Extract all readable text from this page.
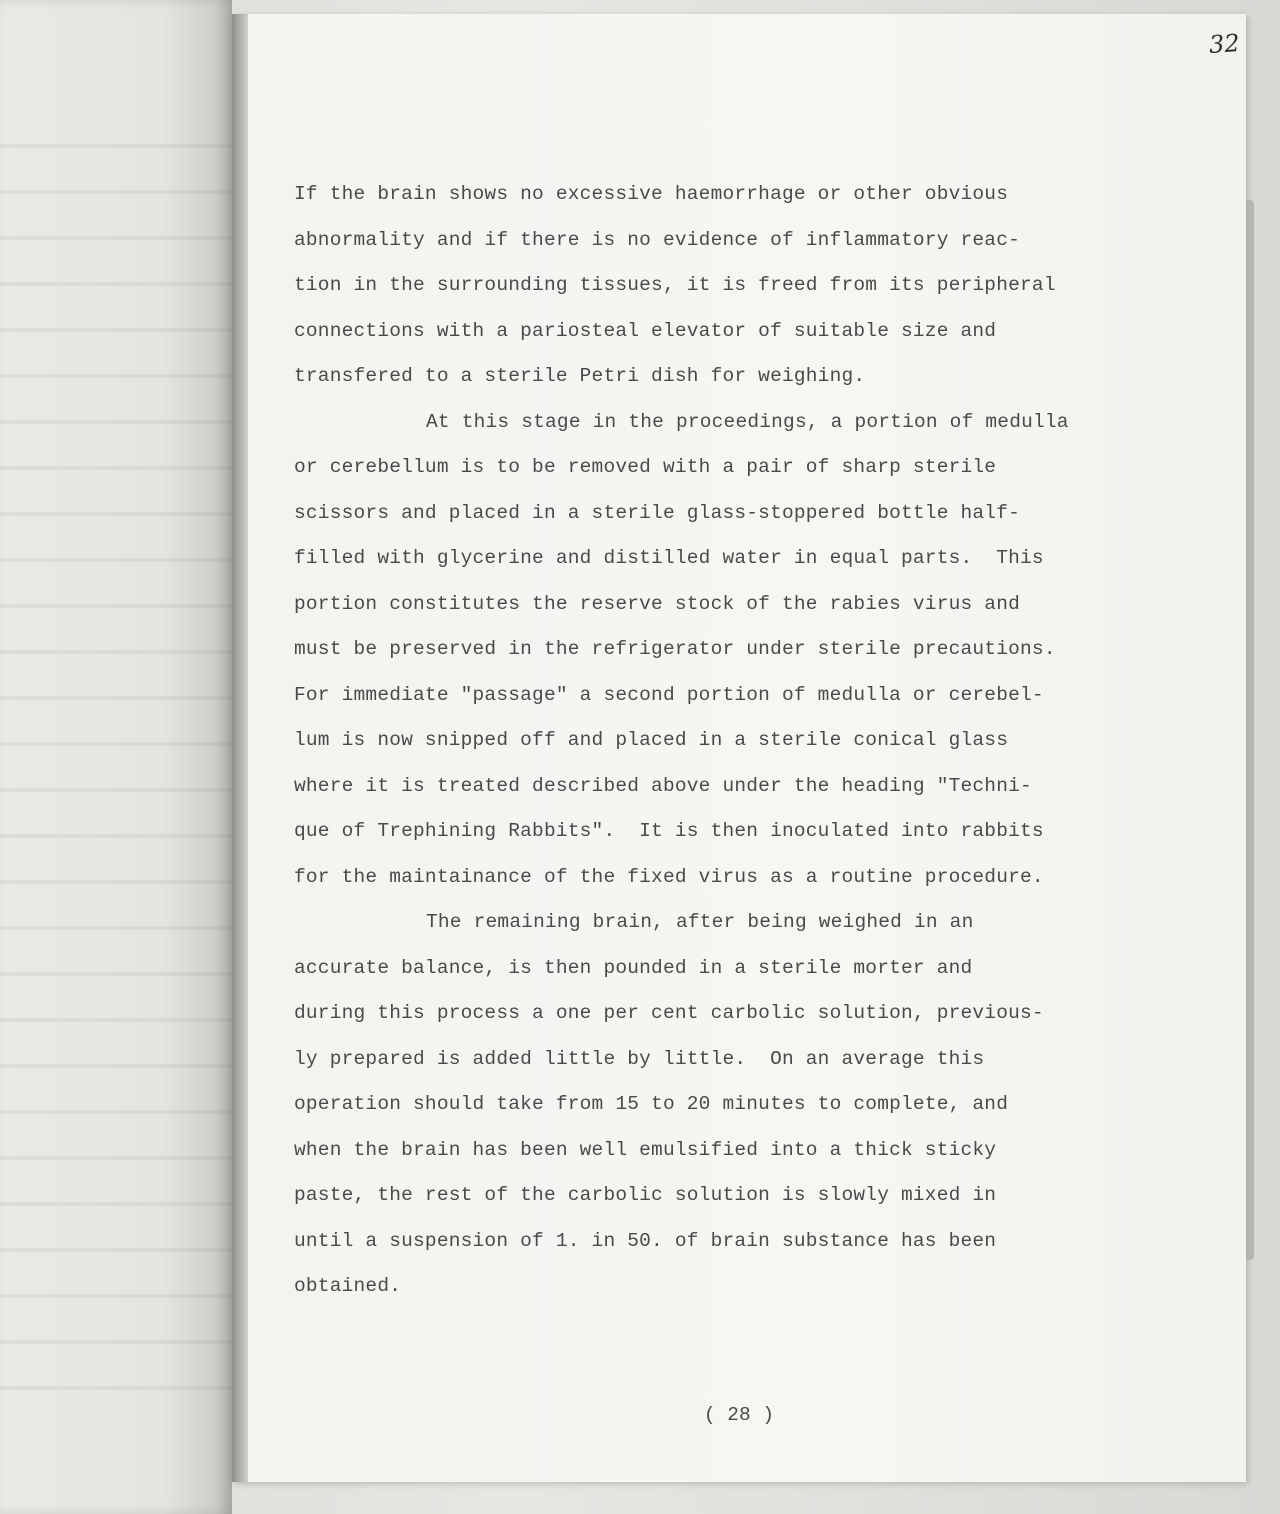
32
If the brain shows no excessive haemorrhage or other obvious
abnormality and if there is no evidence of inflammatory reac-
tion in the surrounding tissues, it is freed from its peripheral
connections with a pariosteal elevator of suitable size and
transfered to a sterile Petri dish for weighing.
At this stage in the proceedings, a portion of medulla
or cerebellum is to be removed with a pair of sharp sterile
scissors and placed in a sterile glass-stoppered bottle half-
filled with glycerine and distilled water in equal parts.  This
portion constitutes the reserve stock of the rabies virus and
must be preserved in the refrigerator under sterile precautions.
For immediate "passage" a second portion of medulla or cerebel-
lum is now snipped off and placed in a sterile conical glass
where it is treated described above under the heading "Techni-
que of Trephining Rabbits".  It is then inoculated into rabbits
for the maintainance of the fixed virus as a routine procedure.
The remaining brain, after being weighed in an
accurate balance, is then pounded in a sterile morter and
during this process a one per cent carbolic solution, previous-
ly prepared is added little by little.  On an average this
operation should take from 15 to 20 minutes to complete, and
when the brain has been well emulsified into a thick sticky
paste, the rest of the carbolic solution is slowly mixed in
until a suspension of 1. in 50. of brain substance has been
obtained.
( 28 )
